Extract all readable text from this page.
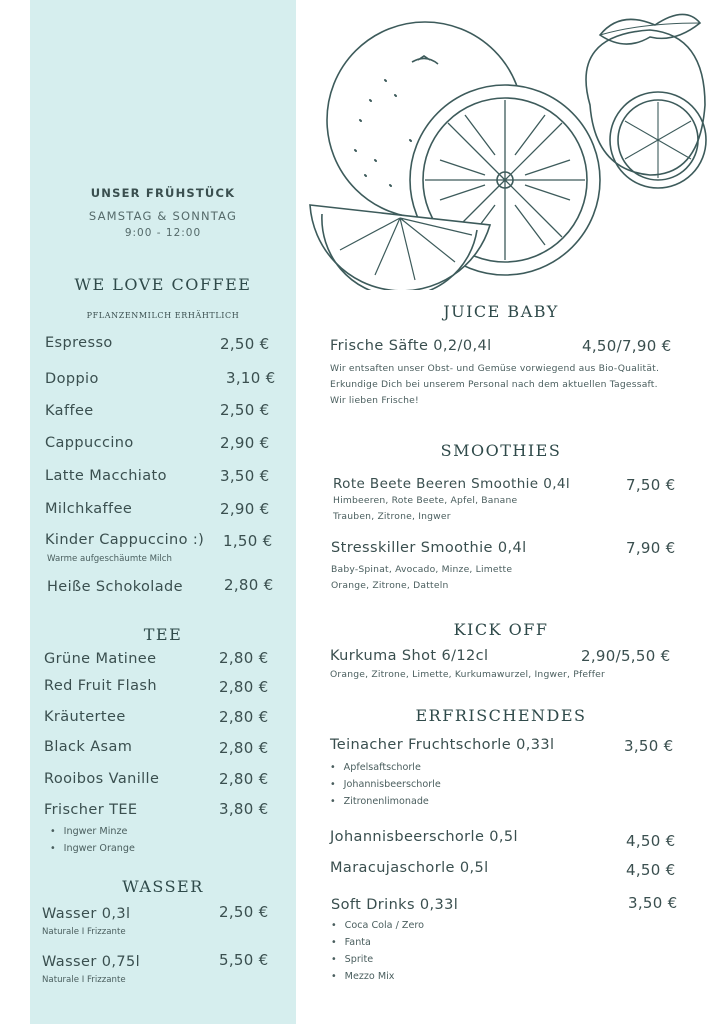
UNSER FRÜHSTÜCK
SAMSTAG & SONNTAG
9:00 - 12:00
WE LOVE COFFEE
PFLANZENMILCH ERHÄHTLICH
Espresso	2,50 €
Doppio	3,10 €
Kaffee	2,50 €
Cappuccino	2,90 €
Latte Macchiato	3,50 €
Milchkaffee	2,90 €
Kinder Cappuccino :) 1,50 €
Warme aufgeschäumte Milch
Heiße Schokolade	2,80 €
TEE
Grüne Matinee	2,80 €
Red Fruit Flash	2,80 €
Kräutertee	2,80 €
Black Asam	2,80 €
Rooibos Vanille	2,80 €
Frischer TEE	3,80 €
• Ingwer Minze
• Ingwer Orange
WASSER
Wasser 0,3l	2,50 €
Naturale I Frizzante
Wasser 0,75l	5,50 €
Naturale I Frizzante
JUICE BABY
Frische Säfte 0,2/0,4l	4,50/7,90 €
Wir entsaften unser Obst- und Gemüse vorwiegend aus Bio-Qualität.
Erkundige Dich bei unserem Personal nach dem aktuellen Tagessaft.
Wir lieben Frische!
SMOOTHIES
Rote Beete Beeren Smoothie 0,4l	7,50 €
Himbeeren, Rote Beete, Apfel, Banane
Trauben, Zitrone, Ingwer
Stresskiller Smoothie 0,4l	7,90 €
Baby-Spinat, Avocado, Minze, Limette
Orange, Zitrone, Datteln
KICK OFF
Kurkuma Shot 6/12cl	2,90/5,50 €
Orange, Zitrone, Limette, Kurkumawurzel, Ingwer, Pfeffer
ERFRISCHENDES
Teinacher Fruchtschorle 0,33l	3,50 €
• Apfelsaftschorle
• Johannisbeerschorle
• Zitronenlimonade
Johannisbeerschorle 0,5l	4,50 €
Maracujaschorle 0,5l	4,50 €
Soft Drinks 0,33l	3,50 €
• Coca Cola / Zero
• Fanta
• Sprite
• Mezzo Mix
